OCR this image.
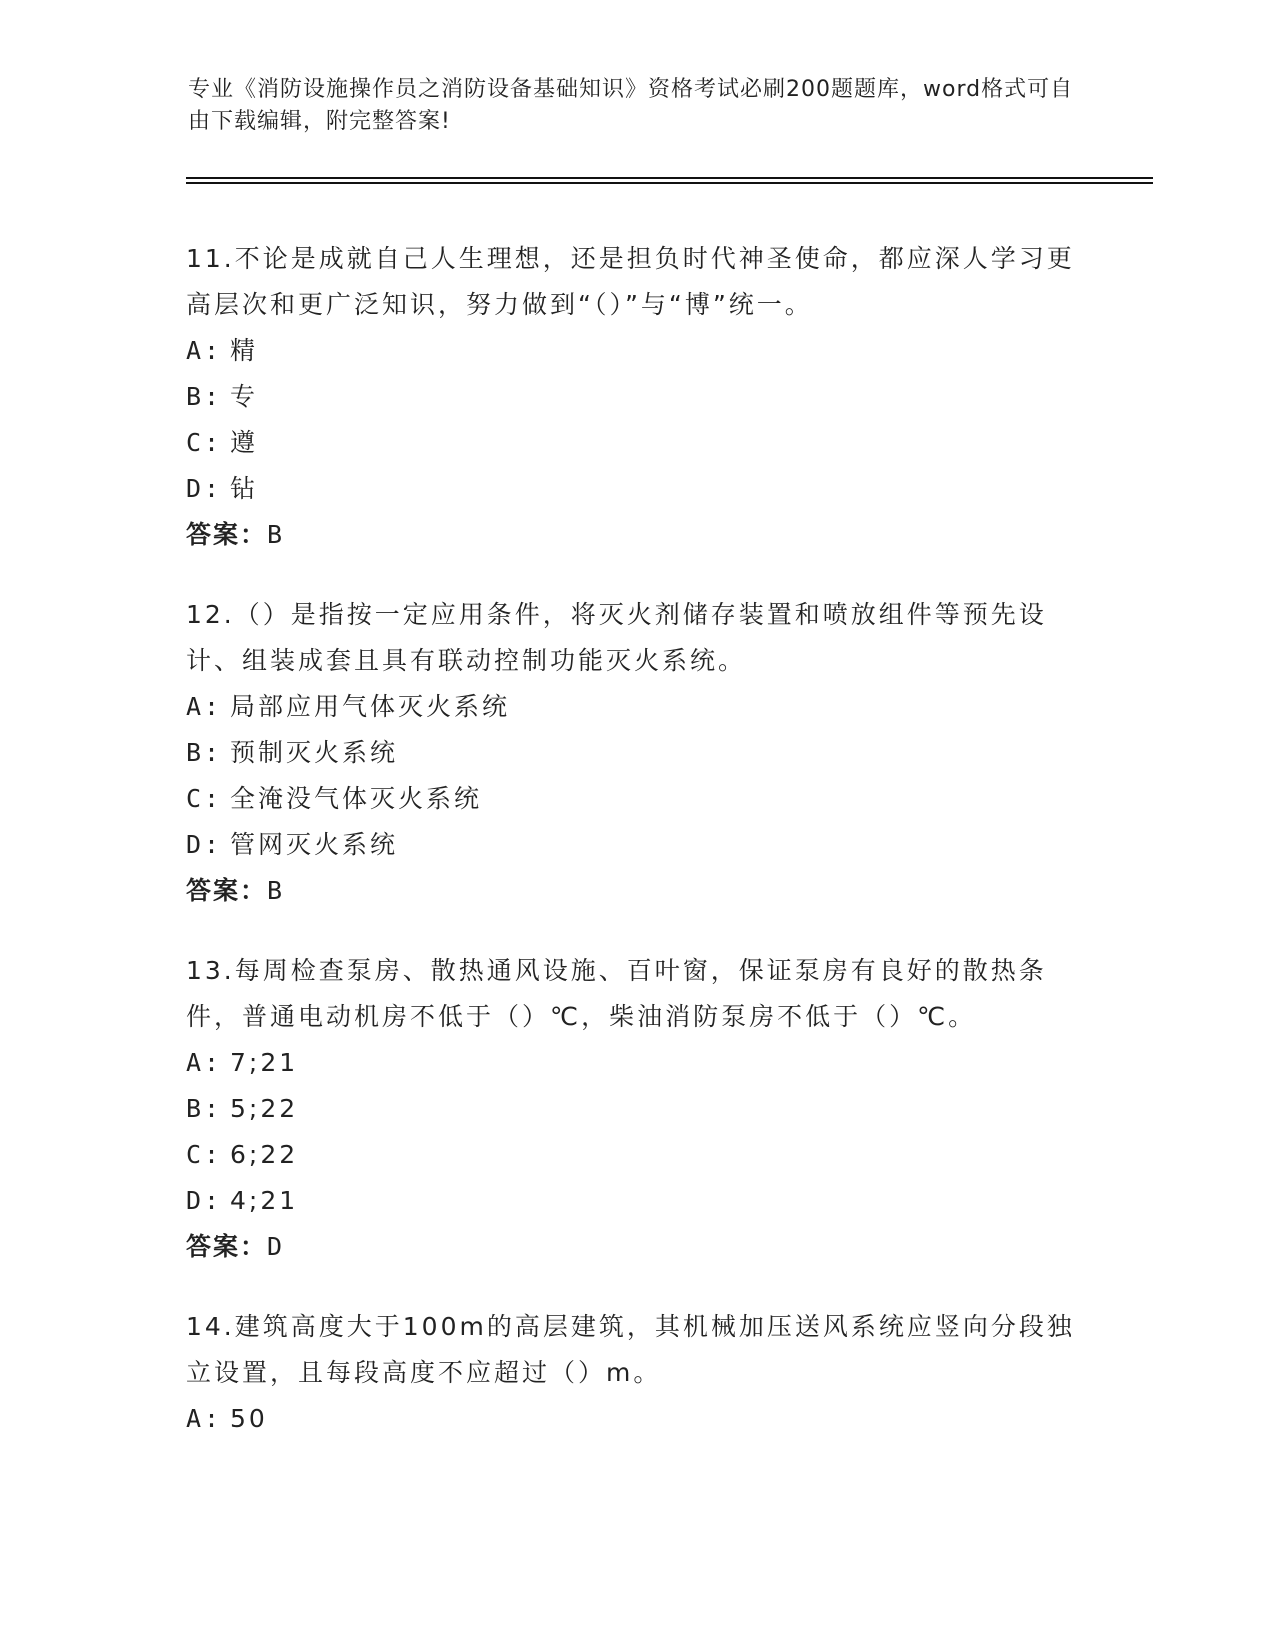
专业《消防设施操作员之消防设备基础知识》资格考试必刷200题题库，word格式可自由下载编辑，附完整答案!

11.不论是成就自己人生理想，还是担负时代神圣使命，都应深人学习更高层次和更广泛知识，努力做到“（）”与“博”统一。

A: 精
B: 专
C: 遵
D: 钻
答案：B

12.（）是指按一定应用条件，将灭火剂储存装置和喷放组件等预先设计、组装成套且具有联动控制功能灭火系统。

A: 局部应用气体灭火系统
B: 预制灭火系统
C: 全淹没气体灭火系统
D: 管网灭火系统
答案：B

13.每周检查泵房、散热通风设施、百叶窗，保证泵房有良好的散热条件，普通电动机房不低于（）℃，柴油消防泵房不低于（）℃。

A: 7;21
B: 5;22
C: 6;22
D: 4;21
答案：D

14.建筑高度大于100m的高层建筑，其机械加压送风系统应竖向分段独立设置，且每段高度不应超过（）m。

A: 50
